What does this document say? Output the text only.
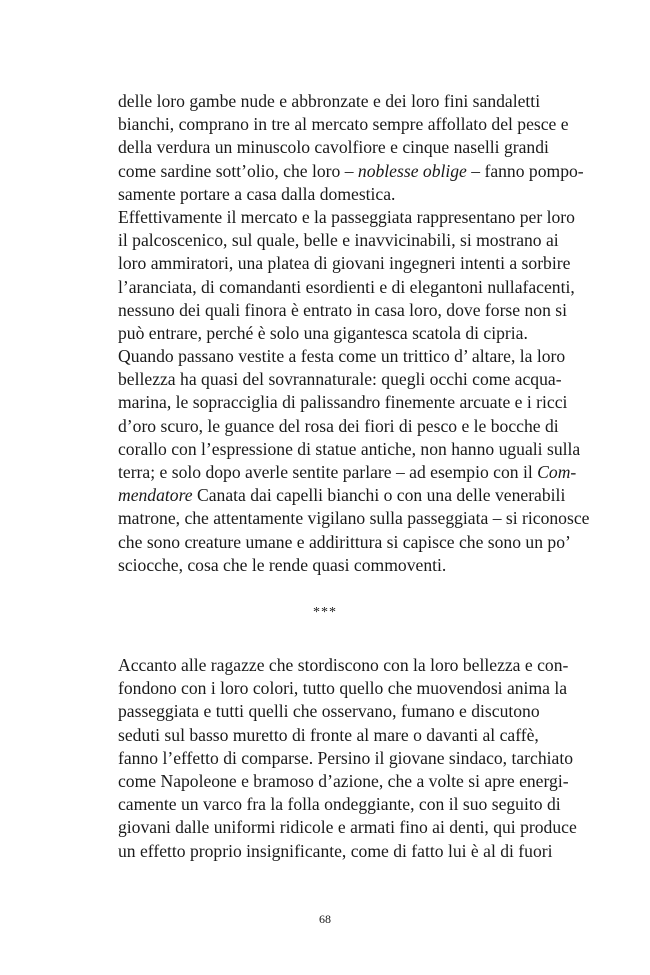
delle loro gambe nude e abbronzate e dei loro fini sandaletti
bianchi, comprano in tre al mercato sempre affollato del pesce e
della verdura un minuscolo cavolfiore e cinque naselli grandi
come sardine sott’olio, che loro – noblesse oblige – fanno pompo-
samente portare a casa dalla domestica.
Effettivamente il mercato e la passeggiata rappresentano per loro
il palcoscenico, sul quale, belle e inavvicinabili, si mostrano ai
loro ammiratori, una platea di giovani ingegneri intenti a sorbire
l’aranciata, di comandanti esordienti e di elegantoni nullafacenti,
nessuno dei quali finora è entrato in casa loro, dove forse non si
può entrare, perché è solo una gigantesca scatola di cipria.
Quando passano vestite a festa come un trittico d’ altare, la loro
bellezza ha quasi del sovrannaturale: quegli occhi come acqua-
marina, le sopracciglia di palissandro finemente arcuate e i ricci
d’oro scuro, le guance del rosa dei fiori di pesco e le bocche di
corallo con l’espressione di statue antiche, non hanno uguali sulla
terra; e solo dopo averle sentite parlare – ad esempio con il Com-
mendatore Canata dai capelli bianchi o con una delle venerabili
matrone, che attentamente vigilano sulla passeggiata – si riconosce
che sono creature umane e addirittura si capisce che sono un po’
sciocche, cosa che le rende quasi commoventi.
***
Accanto alle ragazze che stordiscono con la loro bellezza e con-
fondono con i loro colori, tutto quello che muovendosi anima la
passeggiata e tutti quelli che osservano, fumano e discutono
seduti sul basso muretto di fronte al mare o davanti al caffè,
fanno l’effetto di comparse. Persino il giovane sindaco, tarchiato
come Napoleone e bramoso d’azione, che a volte si apre energi-
camente un varco fra la folla ondeggiante, con il suo seguito di
giovani dalle uniformi ridicole e armati fino ai denti, qui produce
un effetto proprio insignificante, come di fatto lui è al di fuori
68
